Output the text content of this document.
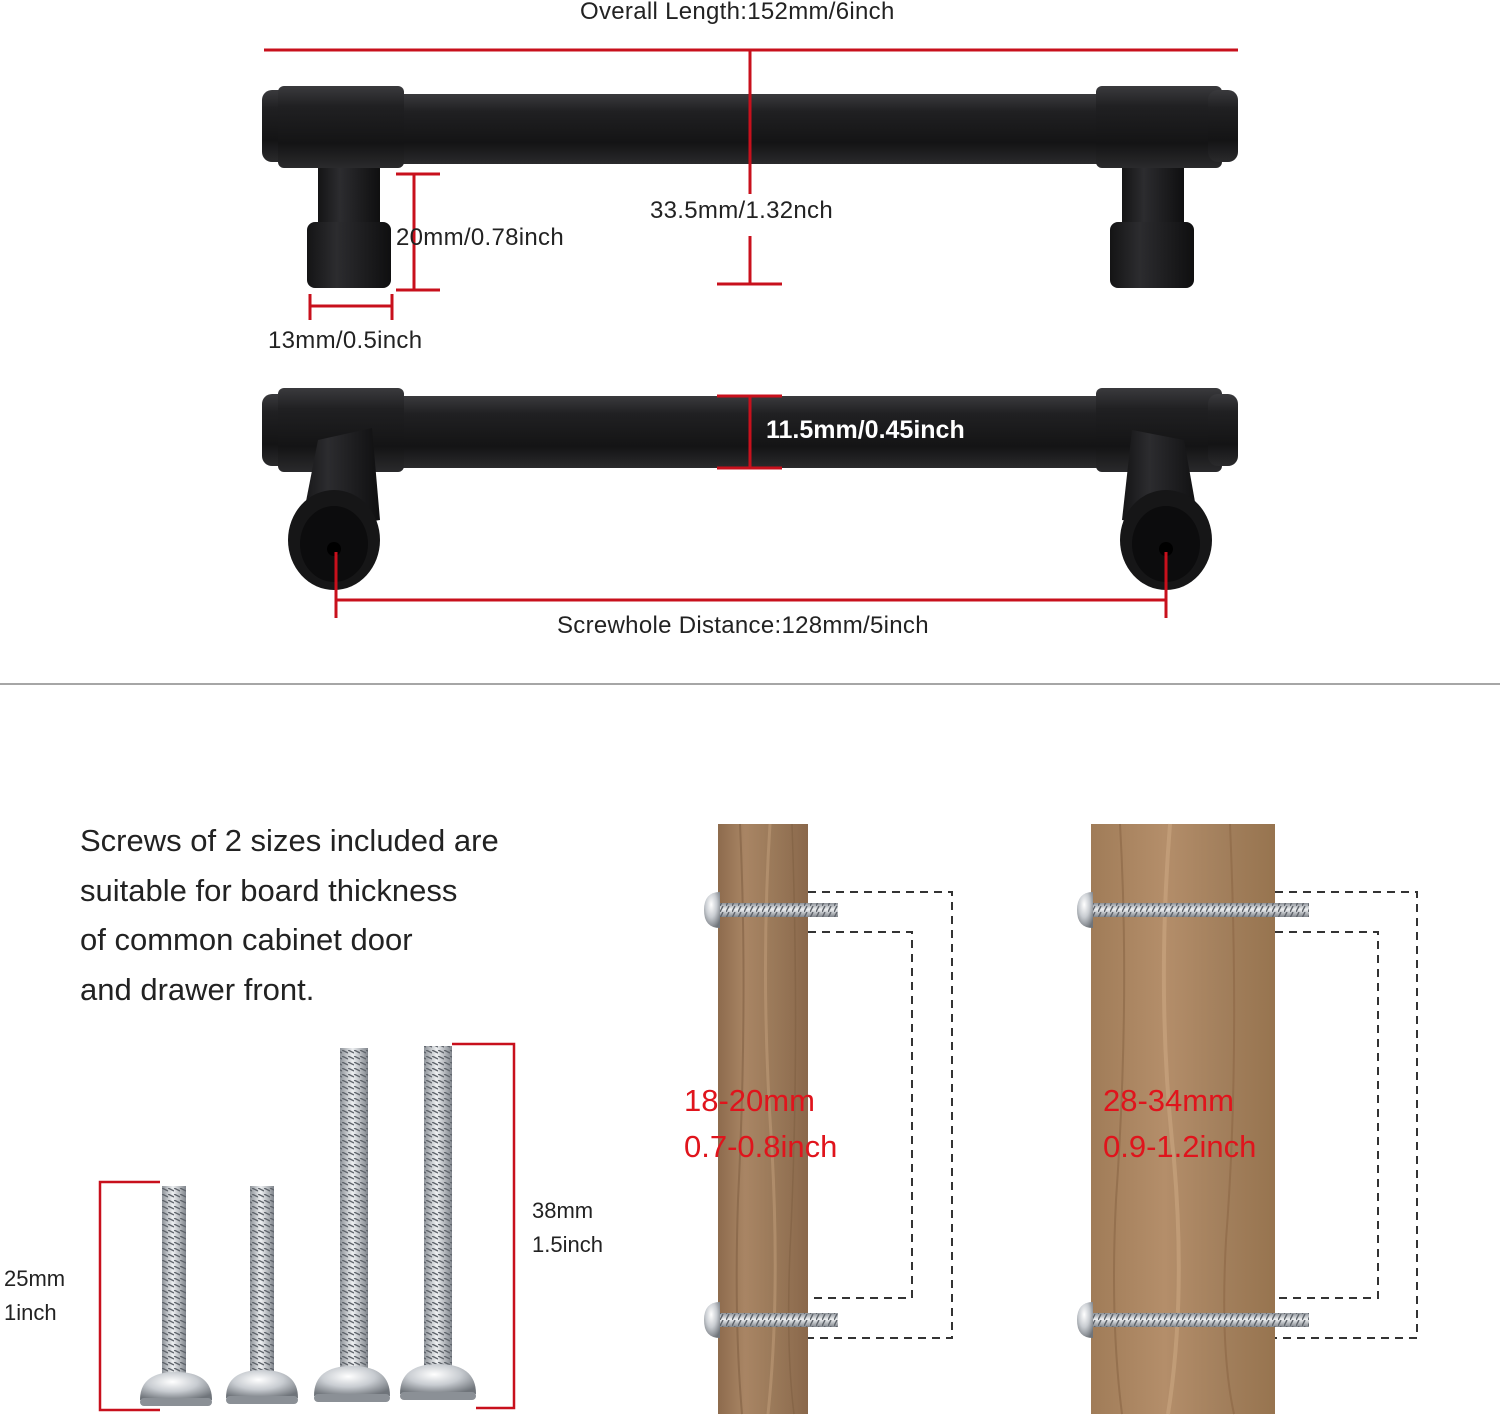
Overall Length:152mm/6inch
33.5mm/1.32nch
20mm/0.78inch
13mm/0.5inch
11.5mm/0.45inch
Screwhole Distance:128mm/5inch
Screws of 2 sizes included are
suitable for board thickness
of common cabinet door
and drawer front.
25mm
1inch
38mm
1.5inch
18-20mm
0.7-0.8inch
28-34mm
0.9-1.2inch
